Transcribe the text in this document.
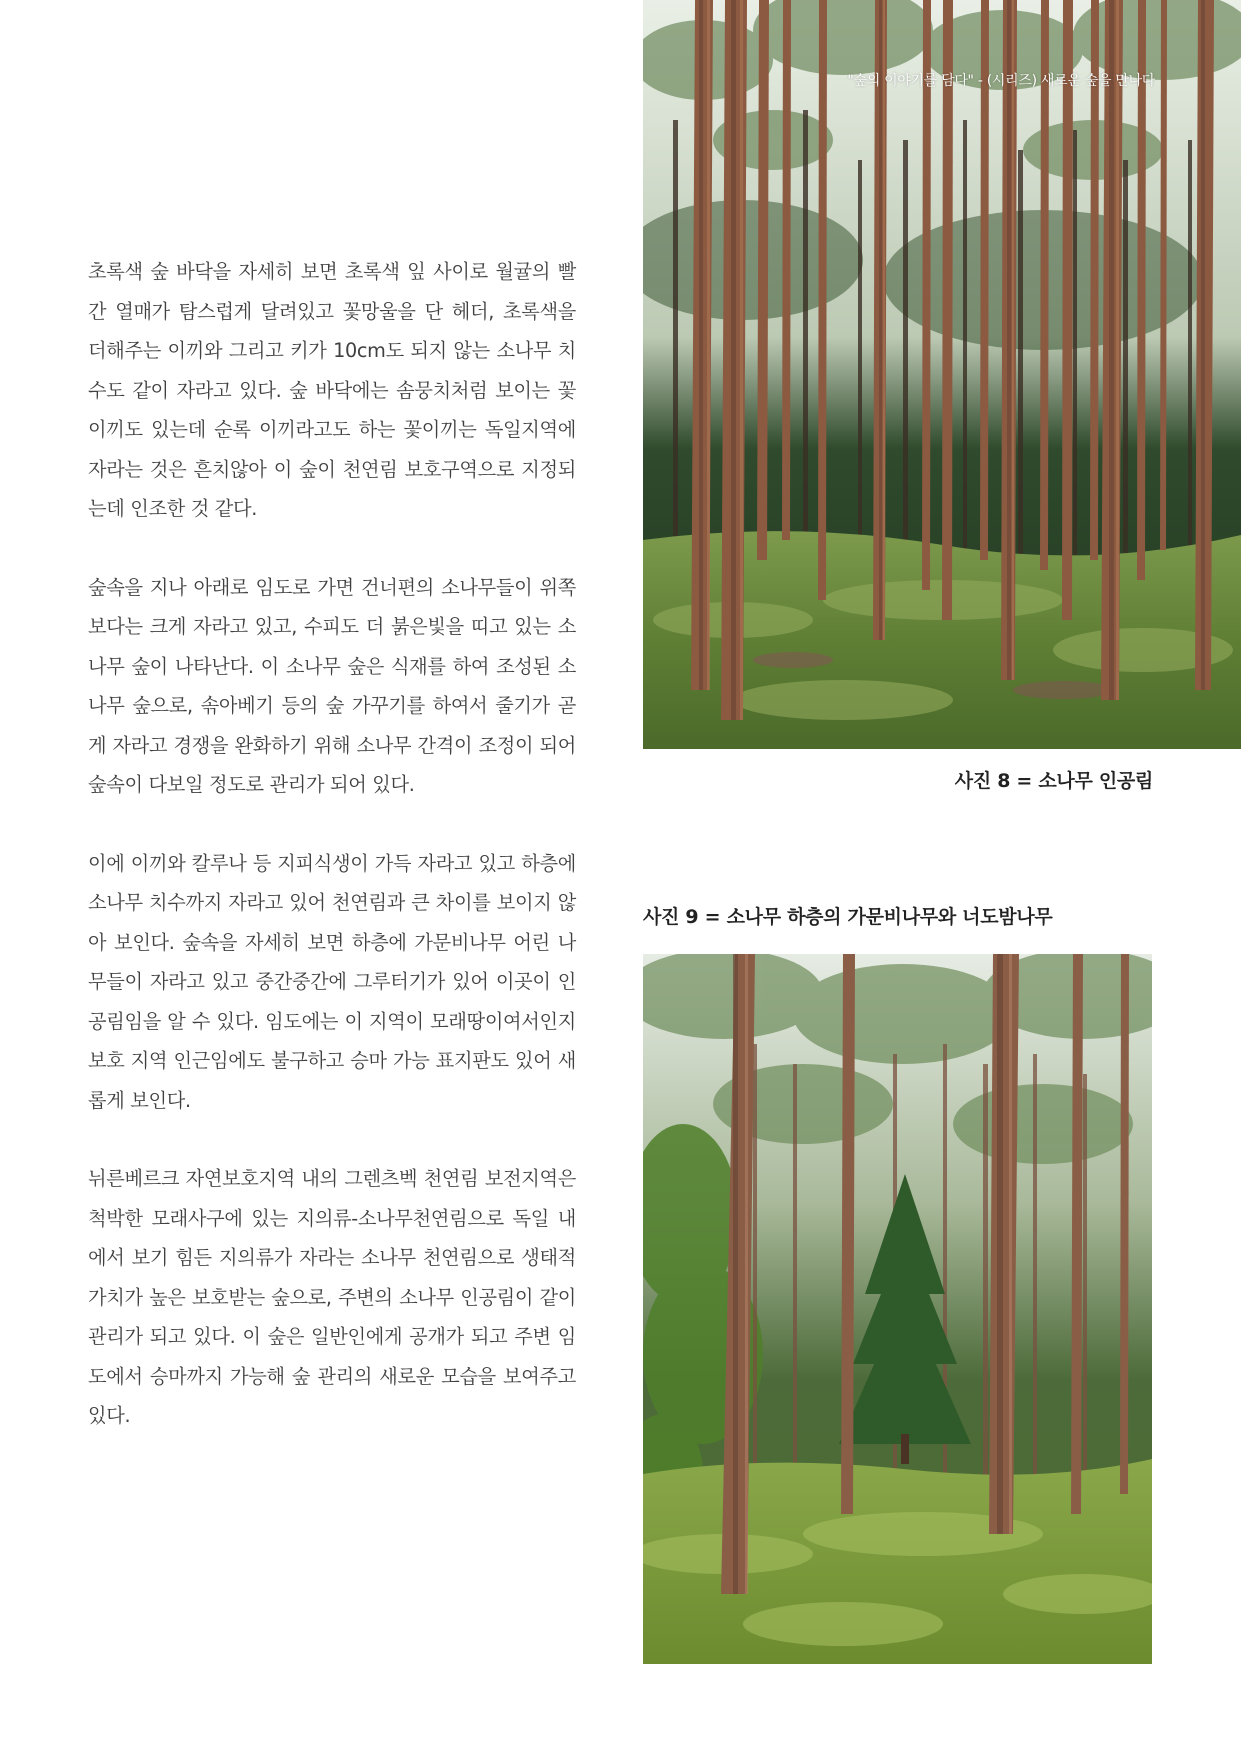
초록색 숲 바닥을 자세히 보면 초록색 잎 사이로 월귤의 빨간 열매가 탐스럽게 달려있고 꽃망울을 단 헤더, 초록색을 더해주는 이끼와 그리고 키가 10cm도 되지 않는 소나무 치수도 같이 자라고 있다. 숲 바닥에는 솜뭉치처럼 보이는 꽃이끼도 있는데 순록 이끼라고도 하는 꽃이끼는 독일지역에 자라는 것은 흔치않아 이 숲이 천연림 보호구역으로 지정되는데 인조한 것 같다.

숲속을 지나 아래로 임도로 가면 건너편의 소나무들이 위쪽보다는 크게 자라고 있고, 수피도 더 붉은빛을 띠고 있는 소나무 숲이 나타난다. 이 소나무 숲은 식재를 하여 조성된 소나무 숲으로, 솎아베기 등의 숲 가꾸기를 하여서 줄기가 곧게 자라고 경쟁을 완화하기 위해 소나무 간격이 조정이 되어 숲속이 다보일 정도로 관리가 되어 있다.

이에 이끼와 칼루나 등 지피식생이 가득 자라고 있고 하층에 소나무 치수까지 자라고 있어 천연림과 큰 차이를 보이지 않아 보인다. 숲속을 자세히 보면 하층에 가문비나무 어린 나무들이 자라고 있고 중간중간에 그루터기가 있어 이곳이 인공림임을 알 수 있다. 임도에는 이 지역이 모래땅이여서인지 보호 지역 인근임에도 불구하고 승마 가능 표지판도 있어 새롭게 보인다.

뉘른베르크 자연보호지역 내의 그렌츠벡 천연림 보전지역은 척박한 모래사구에 있는 지의류-소나무천연림으로 독일 내에서 보기 힘든 지의류가 자라는 소나무 천연림으로 생태적 가치가 높은 보호받는 숲으로, 주변의 소나무 인공림이 같이 관리가 되고 있다. 이 숲은 일반인에게 공개가 되고 주변 임도에서 승마까지 가능해 숲 관리의 새로운 모습을 보여주고 있다.

"숲의 이야기를 담다" - (시리즈) 새로운 숲을 만나다
사진 8 = 소나무 인공림
사진 9 = 소나무 하층의 가문비나무와 너도밤나무
